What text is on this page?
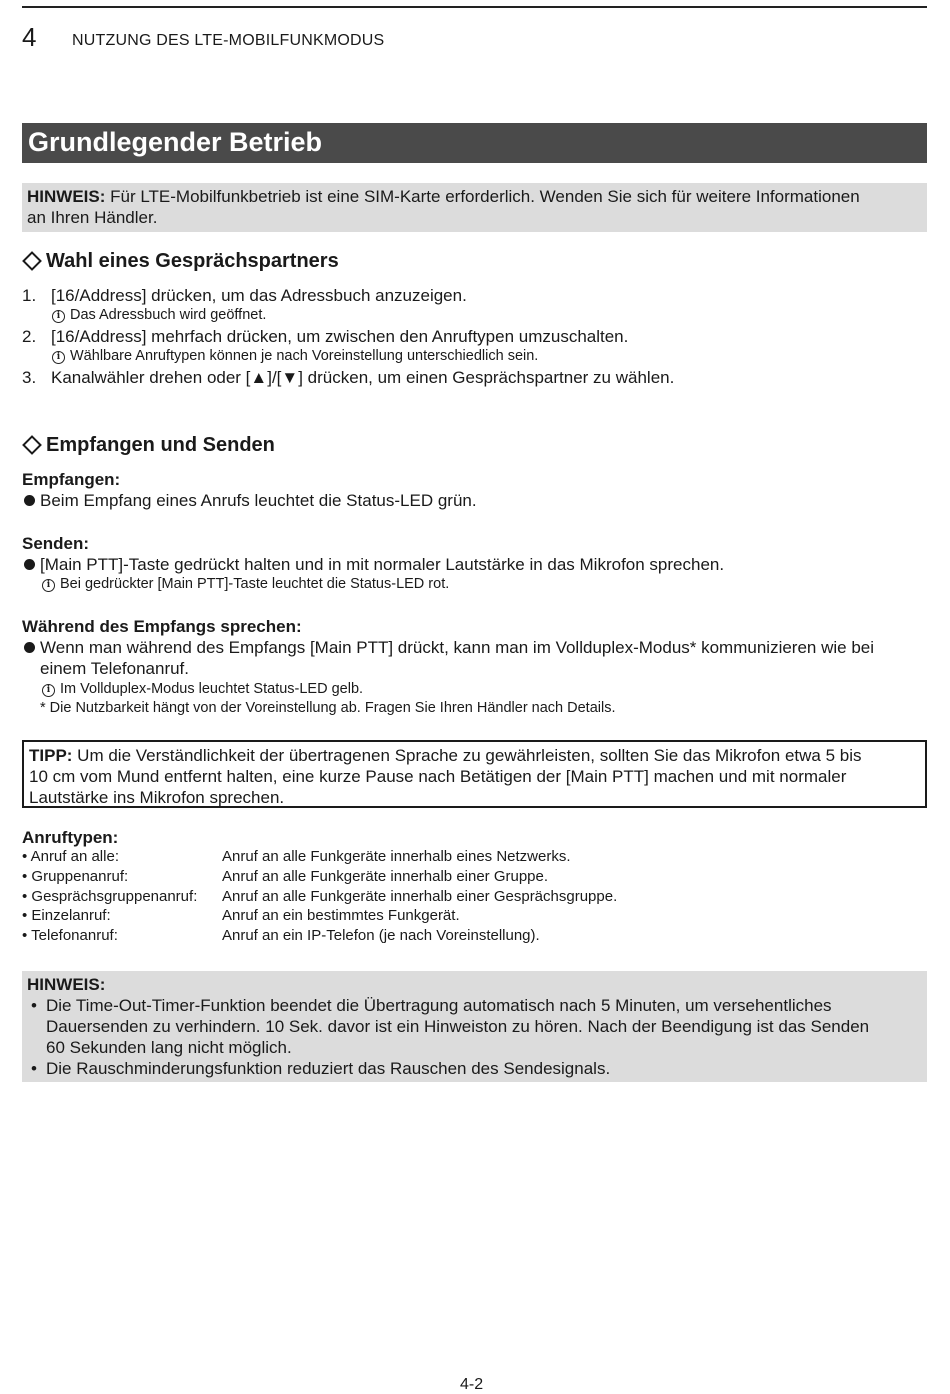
4 NUTZUNG DES LTE-MOBILFUNKMODUS
Grundlegender Betrieb
HINWEIS: Für LTE-Mobilfunkbetrieb ist eine SIM-Karte erforderlich. Wenden Sie sich für weitere Informationen
an Ihren Händler.
Wahl eines Gesprächspartners
1. [16/Address] drücken, um das Adressbuch anzuzeigen.
i Das Adressbuch wird geöffnet.
2. [16/Address] mehrfach drücken, um zwischen den Anruftypen umzuschalten.
i Wählbare Anruftypen können je nach Voreinstellung unterschiedlich sein.
3. Kanalwähler drehen oder [▲]/[▼] drücken, um einen Gesprächspartner zu wählen.
Empfangen und Senden
Empfangen:
Beim Empfang eines Anrufs leuchtet die Status-LED grün.
Senden:
[Main PTT]-Taste gedrückt halten und in mit normaler Lautstärke in das Mikrofon sprechen.
i Bei gedrückter [Main PTT]-Taste leuchtet die Status-LED rot.
Während des Empfangs sprechen:
Wenn man während des Empfangs [Main PTT] drückt, kann man im Vollduplex-Modus* kommunizieren wie bei
einem Telefonanruf.
i Im Vollduplex-Modus leuchtet Status-LED gelb.
* Die Nutzbarkeit hängt von der Voreinstellung ab. Fragen Sie Ihren Händler nach Details.
TIPP: Um die Verständlichkeit der übertragenen Sprache zu gewährleisten, sollten Sie das Mikrofon etwa 5 bis
10 cm vom Mund entfernt halten, eine kurze Pause nach Betätigen der [Main PTT] machen und mit normaler
Lautstärke ins Mikrofon sprechen.
Anruftypen:
• Anruf an alle:	Anruf an alle Funkgeräte innerhalb eines Netzwerks.
• Gruppenanruf:	Anruf an alle Funkgeräte innerhalb einer Gruppe.
• Gesprächsgruppenanruf: Anruf an alle Funkgeräte innerhalb einer Gesprächsgruppe.
• Einzelanruf:	Anruf an ein bestimmtes Funkgerät.
• Telefonanruf:	Anruf an ein IP-Telefon (je nach Voreinstellung).
HINWEIS:
• Die Time-Out-Timer-Funktion beendet die Übertragung automatisch nach 5 Minuten, um versehentliches
Dauersenden zu verhindern. 10 Sek. davor ist ein Hinweiston zu hören. Nach der Beendigung ist das Senden
60 Sekunden lang nicht möglich.
• Die Rauschminderungsfunktion reduziert das Rauschen des Sendesignals.
4-2
